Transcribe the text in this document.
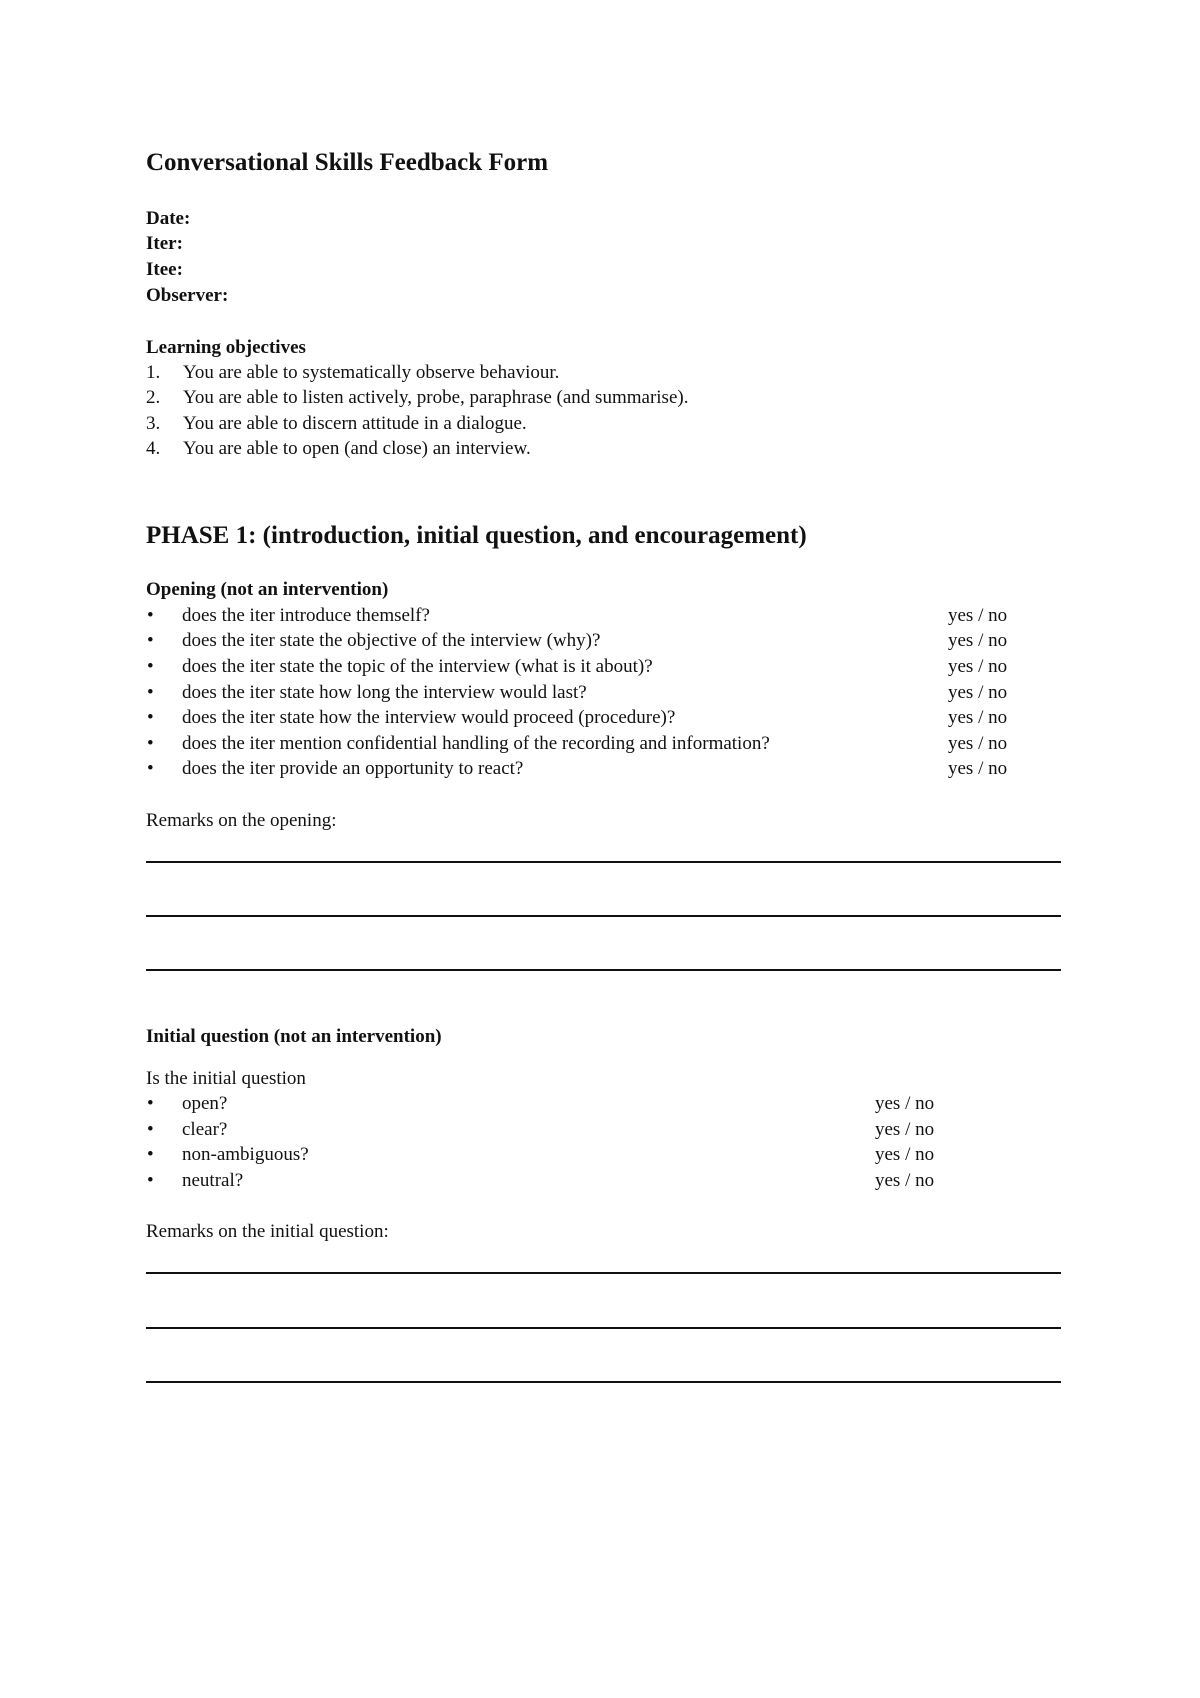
Conversational Skills Feedback Form
Date:
Iter:
Itee:
Observer:
Learning objectives
1.	You are able to systematically observe behaviour.
2.	You are able to listen actively, probe, paraphrase (and summarise).
3.	You are able to discern attitude in a dialogue.
4.	You are able to open (and close) an interview.
PHASE 1: (introduction, initial question, and encouragement)
Opening (not an intervention)
• does the iter introduce themself?	yes / no
• does the iter state the objective of the interview (why)?	yes / no
• does the iter state the topic of the interview (what is it about)?	yes / no
• does the iter state how long the interview would last?	yes / no
• does the iter state how the interview would proceed (procedure)?	yes / no
• does the iter mention confidential handling of the recording and information?	yes / no
• does the iter provide an opportunity to react?	yes / no
Remarks on the opening:
Initial question (not an intervention)
Is the initial question
• open?	yes / no
• clear?	yes / no
• non-ambiguous?	yes / no
• neutral?	yes / no
Remarks on the initial question:
